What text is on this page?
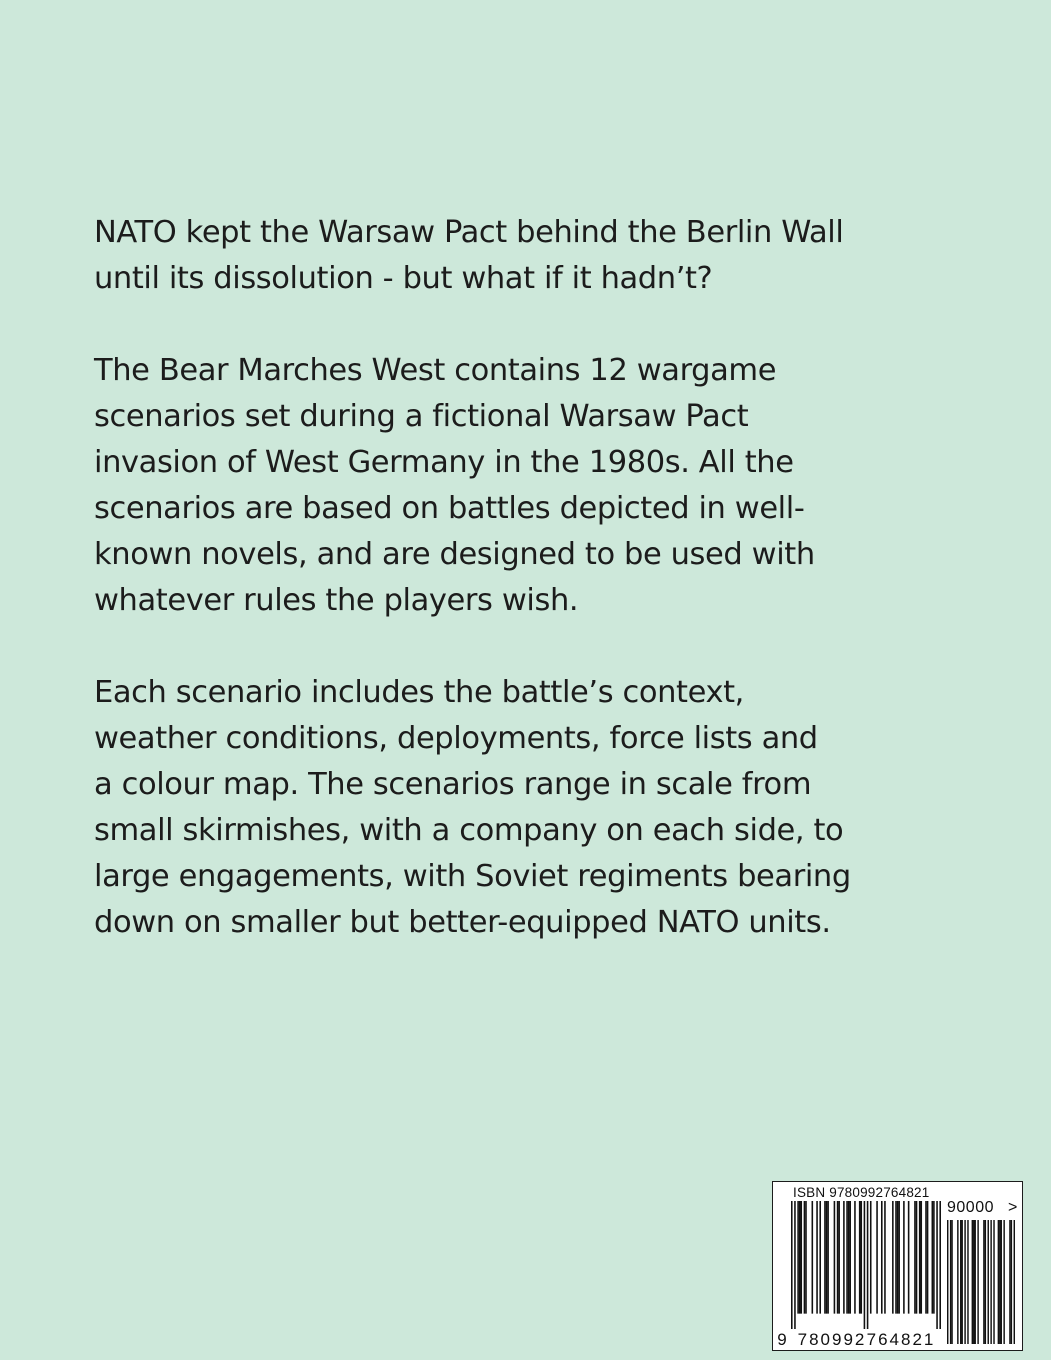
NATO kept the Warsaw Pact behind the Berlin Wall
until its dissolution - but what if it hadn’t?

The Bear Marches West contains 12 wargame
scenarios set during a fictional Warsaw Pact
invasion of West Germany in the 1980s. All the
scenarios are based on battles depicted in well-
known novels, and are designed to be used with
whatever rules the players wish.

Each scenario includes the battle’s context,
weather conditions, deployments, force lists and
a colour map. The scenarios range in scale from
small skirmishes, with a company on each side, to
large engagements, with Soviet regiments bearing
down on smaller but better-equipped NATO units.

ISBN 9780992764821
9 780992 764821
90000 >
